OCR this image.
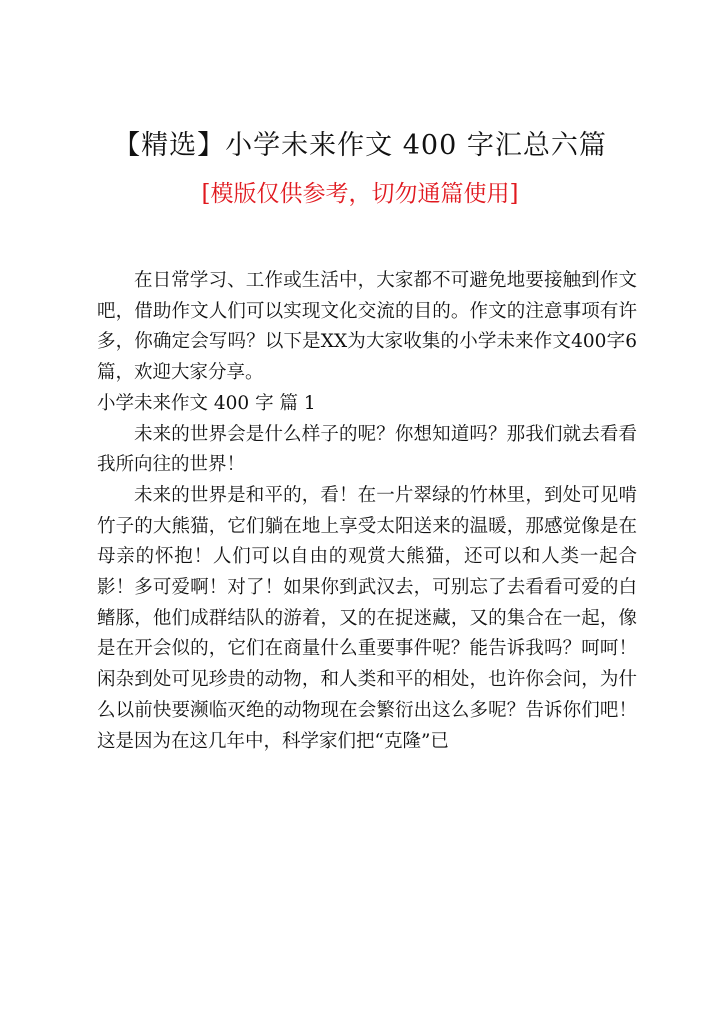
【精选】小学未来作文 400 字汇总六篇
[模版仅供参考，切勿通篇使用]

在日常学习、工作或生活中，大家都不可避免地要接触到作文吧，借助作文人们可以实现文化交流的目的。作文的注意事项有许多，你确定会写吗？以下是XX为大家收集的小学未来作文400字6篇，欢迎大家分享。

小学未来作文 400 字 篇 1

未来的世界会是什么样子的呢？你想知道吗？那我们就去看看我所向往的世界！

未来的世界是和平的，看！在一片翠绿的竹林里，到处可见啃竹子的大熊猫，它们躺在地上享受太阳送来的温暖，那感觉像是在母亲的怀抱！人们可以自由的观赏大熊猫，还可以和人类一起合影！多可爱啊！对了！如果你到武汉去，可别忘了去看看可爱的白鳍豚，他们成群结队的游着，又的在捉迷藏，又的集合在一起，像是在开会似的，它们在商量什么重要事件呢？能告诉我吗？呵呵！闲杂到处可见珍贵的动物，和人类和平的相处，也许你会问，为什么以前快要濒临灭绝的动物现在会繁衍出这么多呢？告诉你们吧！这是因为在这几年中，科学家们把“克隆”已
